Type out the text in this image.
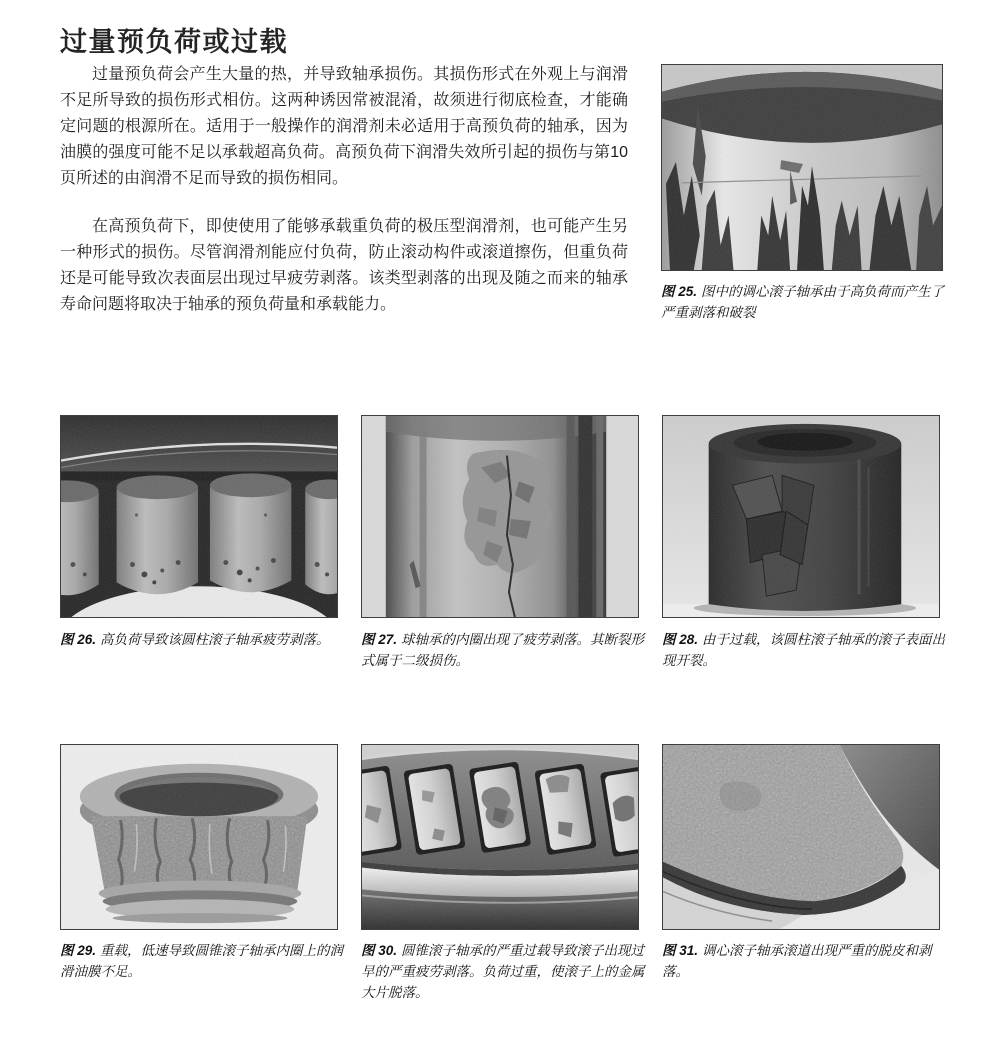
过量预负荷或过载

过量预负荷会产生大量的热，并导致轴承损伤。其损伤形式在外观上与润滑不足所导致的损伤形式相仿。这两种诱因常被混淆，故须进行彻底检查，才能确定问题的根源所在。适用于一般操作的润滑剂未必适用于高预负荷的轴承，因为油膜的强度可能不足以承载超高负荷。高预负荷下润滑失效所引起的损伤与第10页所述的由润滑不足而导致的损伤相同。

在高预负荷下，即使使用了能够承载重负荷的极压型润滑剂，也可能产生另一种形式的损伤。尽管润滑剂能应付负荷，防止滚动构件或滚道擦伤，但重负荷还是可能导致次表面层出现过早疲劳剥落。该类型剥落的出现及随之而来的轴承寿命问题将取决于轴承的预负荷量和承载能力。

图 25. 图中的调心滚子轴承由于高负荷而产生了严重剥落和破裂
图 26. 高负荷导致该圆柱滚子轴承疲劳剥落。	图 27. 球轴承的内圈出现了疲劳剥落。其断裂形式属于二级损伤。
图 28. 由于过载，该圆柱滚子轴承的滚子表面出现开裂。
图 29. 重载，低速导致圆锥滚子轴承内圈上的润滑油膜不足。
图 30. 圆锥滚子轴承的严重过载导致滚子出现过早的严重疲劳剥落。负荷过重，使滚子上的金属大片脱落。
图 31. 调心滚子轴承滚道出现严重的脱皮和剥落。
